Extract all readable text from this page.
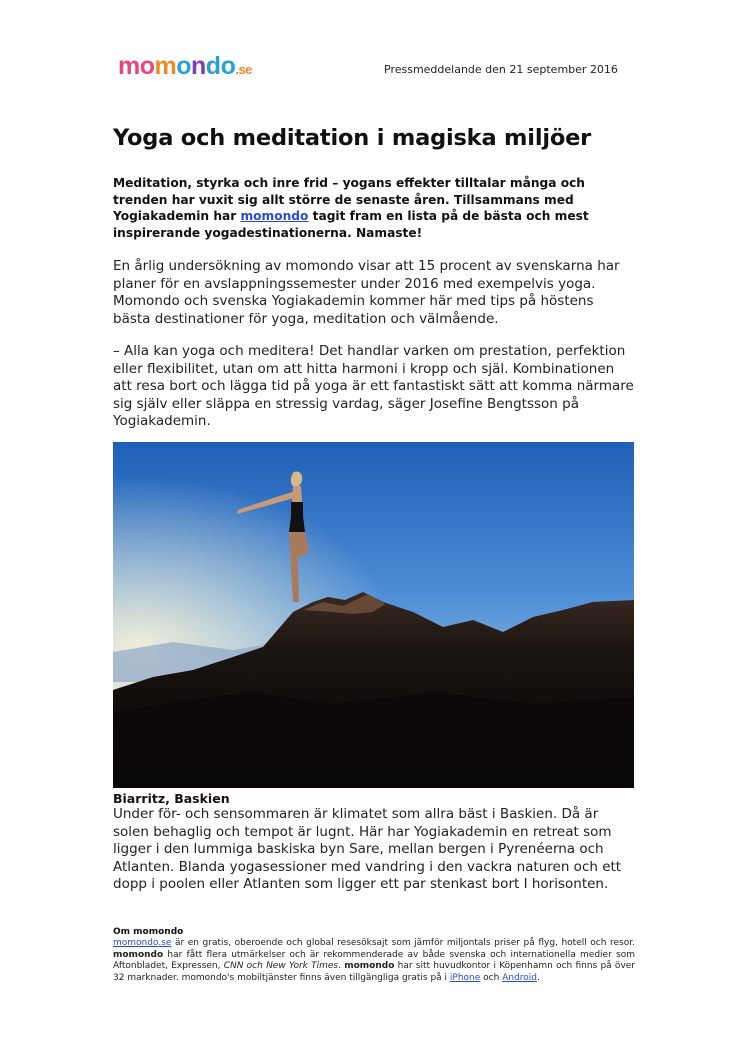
momondo.se	Pressmeddelande den 21 september 2016
Yoga och meditation i magiska miljöer

Meditation, styrka och inre frid – yogans effekter tilltalar många och trenden har vuxit sig allt större de senaste åren. Tillsammans med Yogiakademin har momondo tagit fram en lista på de bästa och mest inspirerande yogadestinationerna. Namaste!

En årlig undersökning av momondo visar att 15 procent av svenskarna har planer för en avslappningssemester under 2016 med exempelvis yoga. Momondo och svenska Yogiakademin kommer här med tips på höstens bästa destinationer för yoga, meditation och välmående.

– Alla kan yoga och meditera! Det handlar varken om prestation, perfektion eller flexibilitet, utan om att hitta harmoni i kropp och själ. Kombinationen att resa bort och lägga tid på yoga är ett fantastiskt sätt att komma närmare sig själv eller släppa en stressig vardag, säger Josefine Bengtsson på Yogiakademin.

Biarritz, Baskien

Under för- och sensommaren är klimatet som allra bäst i Baskien. Då är solen behaglig och tempot är lugnt. Här har Yogiakademin en retreat som ligger i den lummiga baskiska byn Sare, mellan bergen i Pyrenéerna och Atlanten. Blanda yogasessioner med vandring i den vackra naturen och ett dopp i poolen eller Atlanten som ligger ett par stenkast bort I horisonten.

Om momondo

momondo.se är en gratis, oberoende och global resesöksajt som jämför miljontals priser på flyg, hotell och resor. momondo har fått flera utmärkelser och är rekommenderade av både svenska och internationella medier som Aftonbladet, Expressen, CNN och New York Times. momondo har sitt huvudkontor i Köpenhamn och finns på över 32 marknader. momondo's mobiltjänster finns även tillgängliga gratis på i iPhone och Android.
